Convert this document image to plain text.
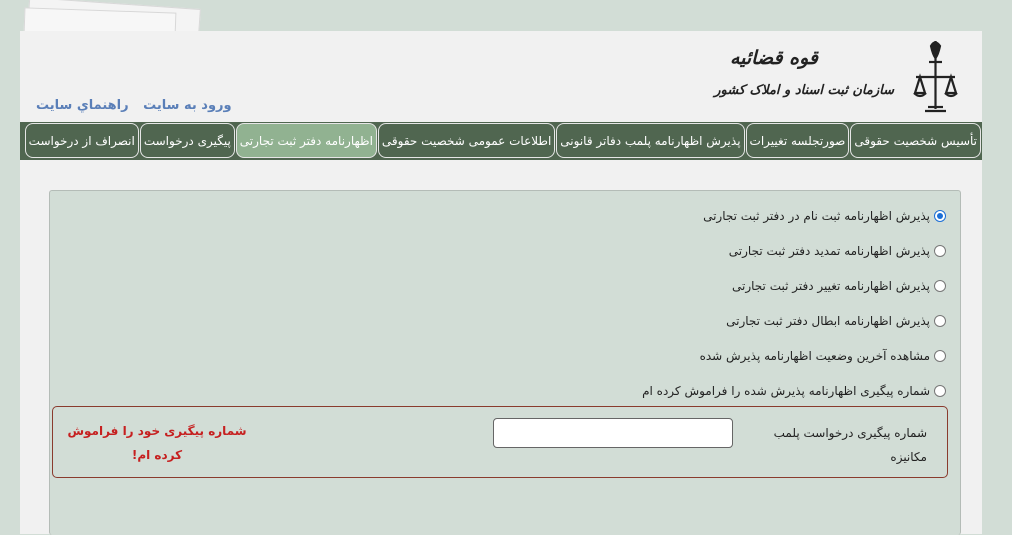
قوه قضائیه
سازمان ثبت اسناد و املاک کشور
ورود به سایت راهنماي سايت
تأسیس شخصیت حقوقی
صورتجلسه تغییرات
پذیرش اظهارنامه پلمب دفاتر قانونی
اطلاعات عمومی شخصیت حقوقی
اظهارنامه دفتر ثبت تجارتی
پیگیری درخواست
انصراف از درخواست
پذیرش اظهارنامه ثبت نام در دفتر ثبت تجارتی
پذیرش اظهارنامه تمدید دفتر ثبت تجارتی
پذیرش اظهارنامه تغییر دفتر ثبت تجارتی
پذیرش اظهارنامه ابطال دفتر ثبت تجارتی
مشاهده آخرین وضعیت اظهارنامه پذیرش شده
شماره پیگیری اظهارنامه پذیرش شده را فراموش کرده ام
شماره پیگیری درخواست پلمب مکانیزه
شماره پیگیری خود را فراموش کرده ام!
